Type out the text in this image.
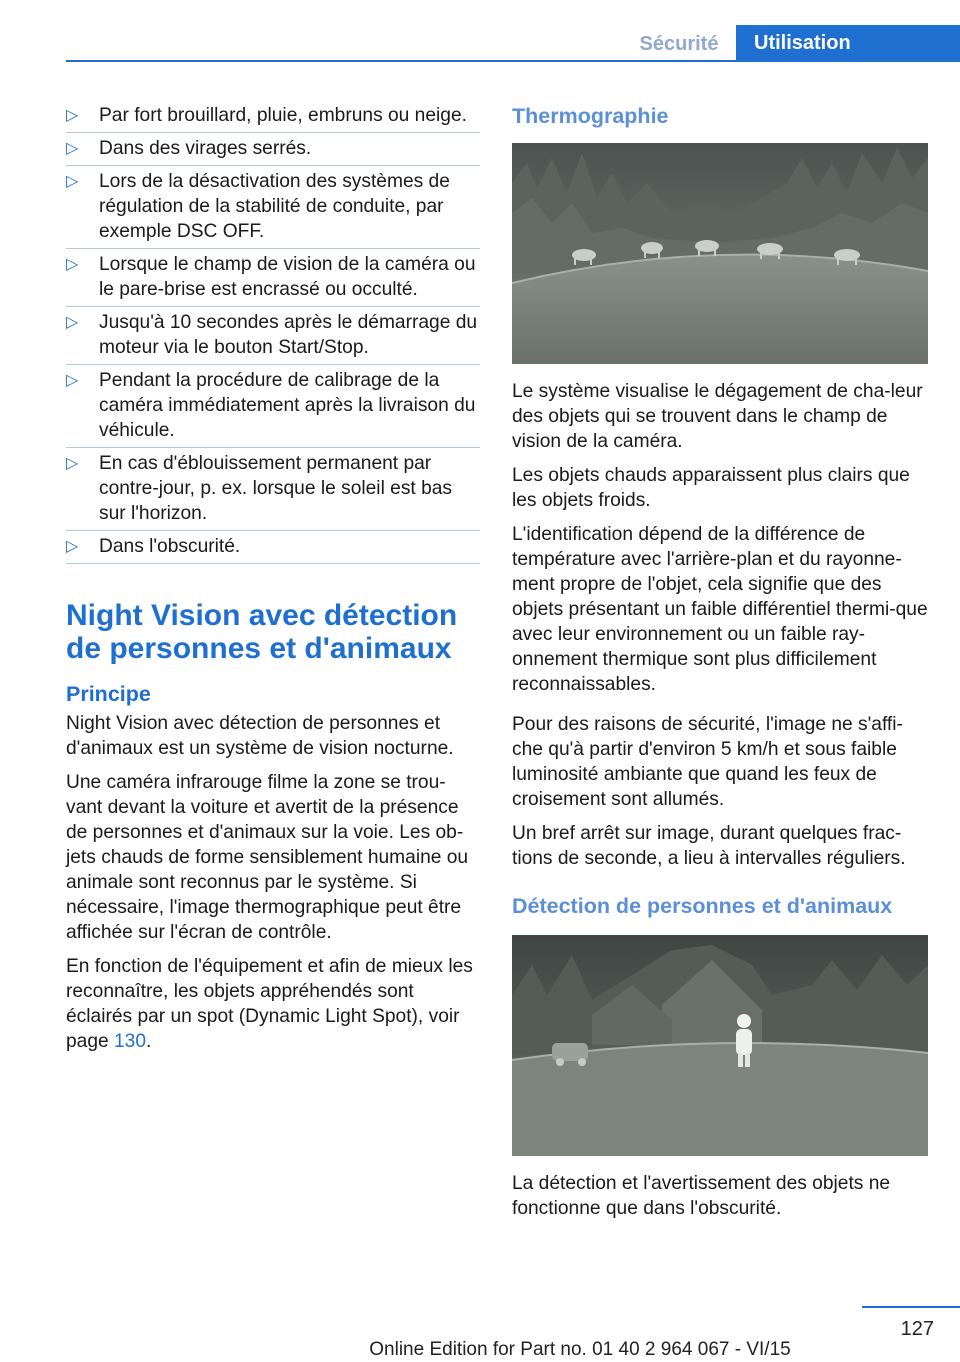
Sécurité	Utilisation
▷ Par fort brouillard, pluie, embruns ou neige.
▷ Dans des virages serrés.
▷ Lors de la désactivation des systèmes de régulation de la stabilité de conduite, par exemple DSC OFF.
▷ Lorsque le champ de vision de la caméra ou le pare-brise est encrassé ou occulté.
▷ Jusqu'à 10 secondes après le démarrage du moteur via le bouton Start/Stop.
▷ Pendant la procédure de calibrage de la caméra immédiatement après la livraison du véhicule.
▷ En cas d'éblouissement permanent par contre-jour, p. ex. lorsque le soleil est bas sur l'horizon.
▷ Dans l'obscurité.
Night Vision avec détection de personnes et d'animaux
Principe

Night Vision avec détection de personnes et d'animaux est un système de vision nocturne.

Une caméra infrarouge filme la zone se trou‐vant devant la voiture et avertit de la présence de personnes et d'animaux sur la voie. Les ob‐jets chauds de forme sensiblement humaine ou animale sont reconnus par le système. Si nécessaire, l'image thermographique peut être affichée sur l'écran de contrôle.

En fonction de l'équipement et afin de mieux les reconnaître, les objets appréhendés sont éclairés par un spot (Dynamic Light Spot), voir page 130.

Thermographie

Le système visualise le dégagement de cha‐leur des objets qui se trouvent dans le champ de vision de la caméra.

Les objets chauds apparaissent plus clairs que les objets froids.

L'identification dépend de la différence de température avec l'arrière-plan et du rayonne‐ment propre de l'objet, cela signifie que des objets présentant un faible différentiel thermi‐que avec leur environnement ou un faible ray‐onnement thermique sont plus difficilement reconnaissables.

Pour des raisons de sécurité, l'image ne s'affi‐che qu'à partir d'environ 5 km/h et sous faible luminosité ambiante que quand les feux de croisement sont allumés.

Un bref arrêt sur image, durant quelques frac‐tions de seconde, a lieu à intervalles réguliers.

Détection de personnes et d'animaux

La détection et l'avertissement des objets ne fonctionne que dans l'obscurité.

127
Online Edition for Part no. 01 40 2 964 067 - VI/15
